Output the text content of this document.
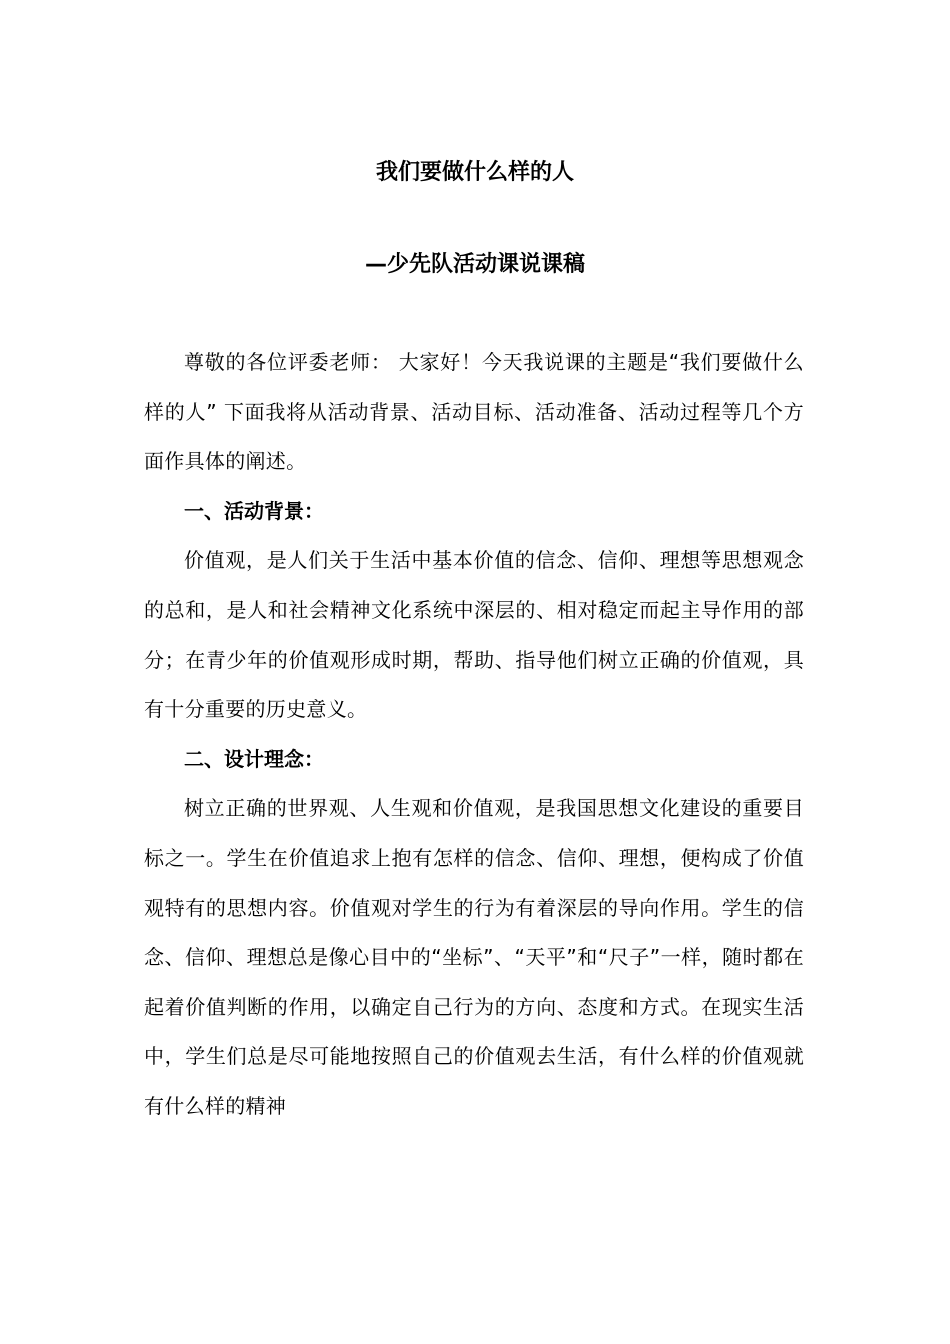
我们要做什么样的人
—少先队活动课说课稿

尊敬的各位评委老师： 大家好！今天我说课的主题是“我们要做什么样的人” 下面我将从活动背景、活动目标、活动准备、活动过程等几个方面作具体的阐述。

一、活动背景：

价值观，是人们关于生活中基本价值的信念、信仰、理想等思想观念的总和，是人和社会精神文化系统中深层的、相对稳定而起主导作用的部分；在青少年的价值观形成时期，帮助、指导他们树立正确的价值观，具有十分重要的历史意义。

二、设计理念：

树立正确的世界观、人生观和价值观，是我国思想文化建设的重要目标之一。学生在价值追求上抱有怎样的信念、信仰、理想，便构成了价值观特有的思想内容。价值观对学生的行为有着深层的导向作用。学生的信念、信仰、理想总是像心目中的“坐标”、“天平”和“尺子”一样，随时都在起着价值判断的作用，以确定自己行为的方向、态度和方式。在现实生活中，学生们总是尽可能地按照自己的价值观去生活，有什么样的价值观就有什么样的精神
